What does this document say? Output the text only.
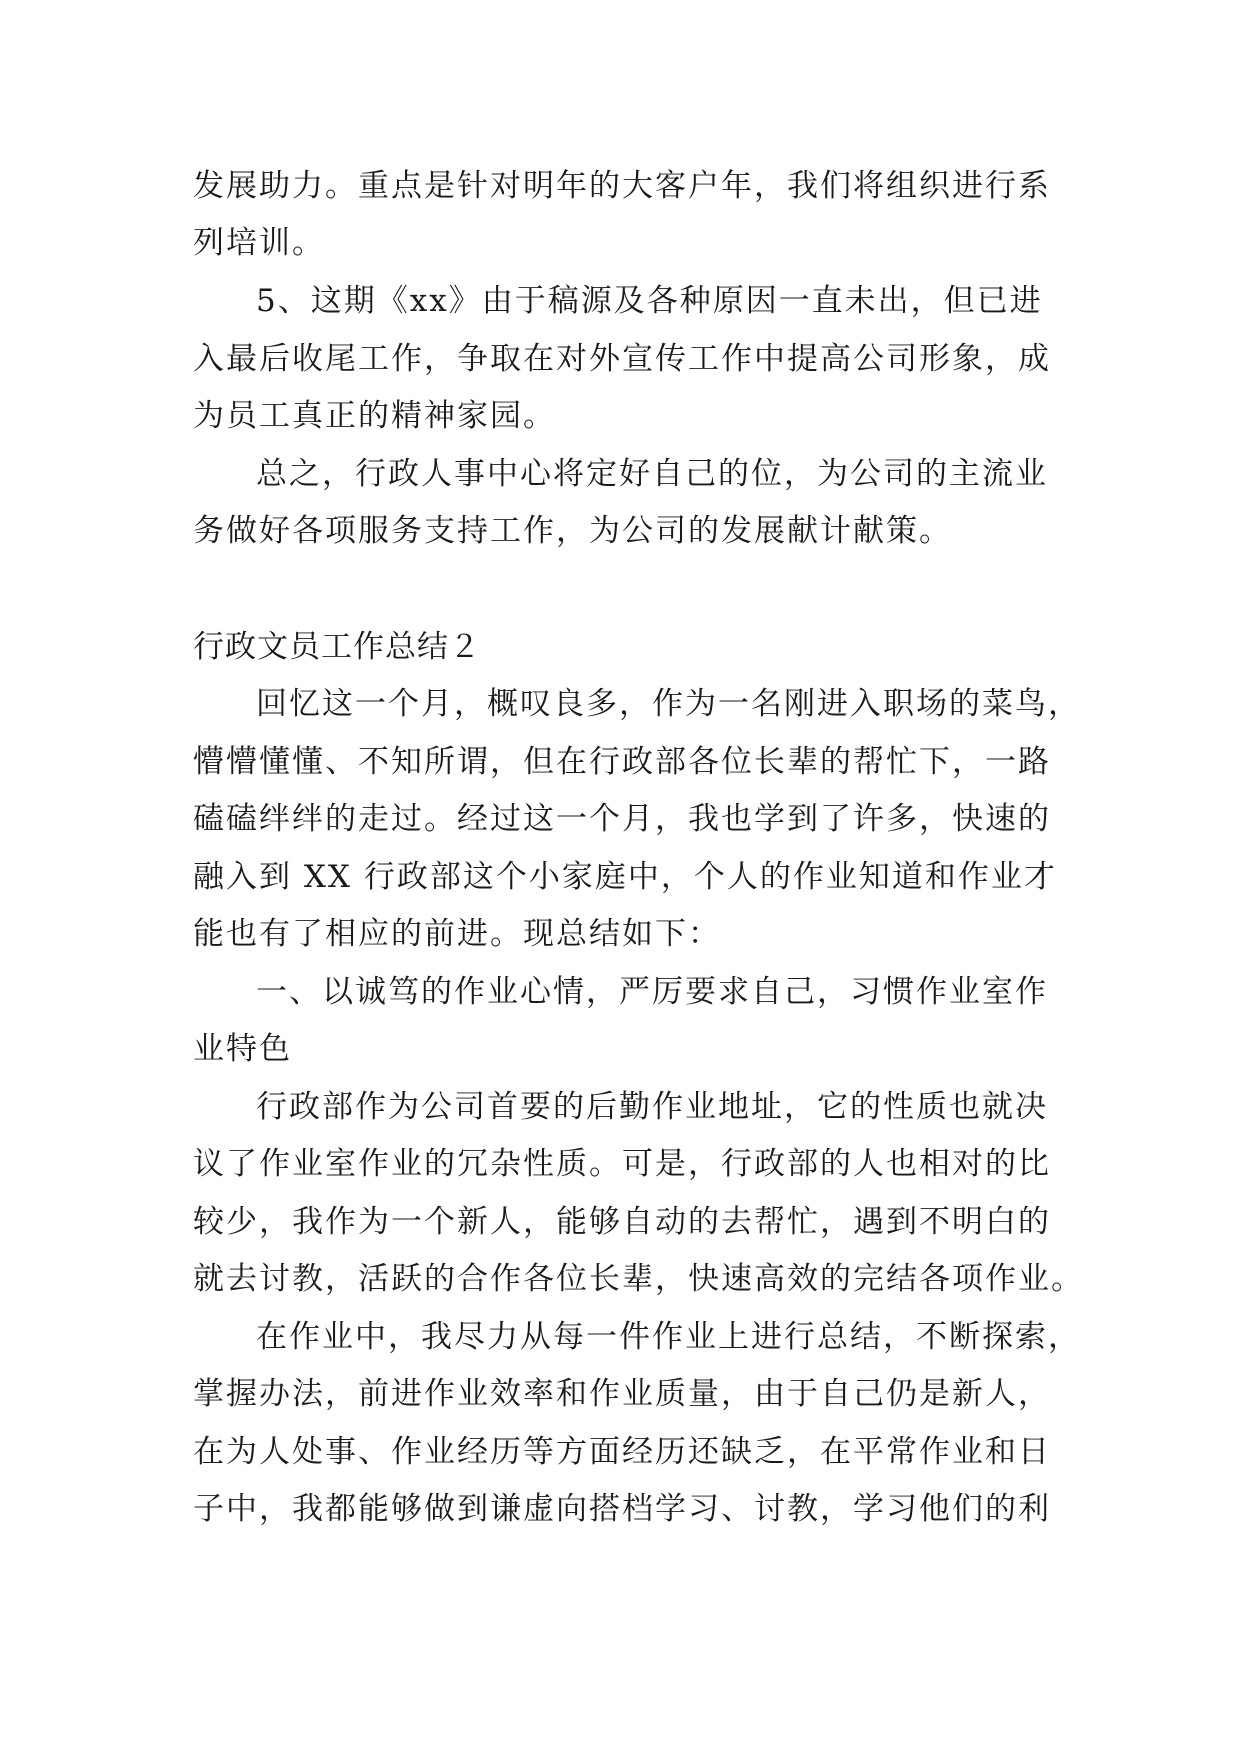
发展助力。重点是针对明年的大客户年，我们将组织进行系
列培训。
5、这期《xx》由于稿源及各种原因一直未出，但已进
入最后收尾工作，争取在对外宣传工作中提高公司形象，成
为员工真正的精神家园。
总之，行政人事中心将定好自己的位，为公司的主流业
务做好各项服务支持工作，为公司的发展献计献策。
行政文员工作总结２
回忆这一个月，概叹良多，作为一名刚进入职场的菜鸟，
懵懵懂懂、不知所谓，但在行政部各位长辈的帮忙下，一路
磕磕绊绊的走过。经过这一个月，我也学到了许多，快速的
融入到 XX 行政部这个小家庭中，个人的作业知道和作业才
能也有了相应的前进。现总结如下：
一、以诚笃的作业心情，严厉要求自己，习惯作业室作
业特色
行政部作为公司首要的后勤作业地址，它的性质也就决
议了作业室作业的冗杂性质。可是，行政部的人也相对的比
较少，我作为一个新人，能够自动的去帮忙，遇到不明白的
就去讨教，活跃的合作各位长辈，快速高效的完结各项作业。
在作业中，我尽力从每一件作业上进行总结，不断探索，
掌握办法，前进作业效率和作业质量，由于自己仍是新人，
在为人处事、作业经历等方面经历还缺乏，在平常作业和日
子中，我都能够做到谦虚向搭档学习、讨教，学习他们的利
